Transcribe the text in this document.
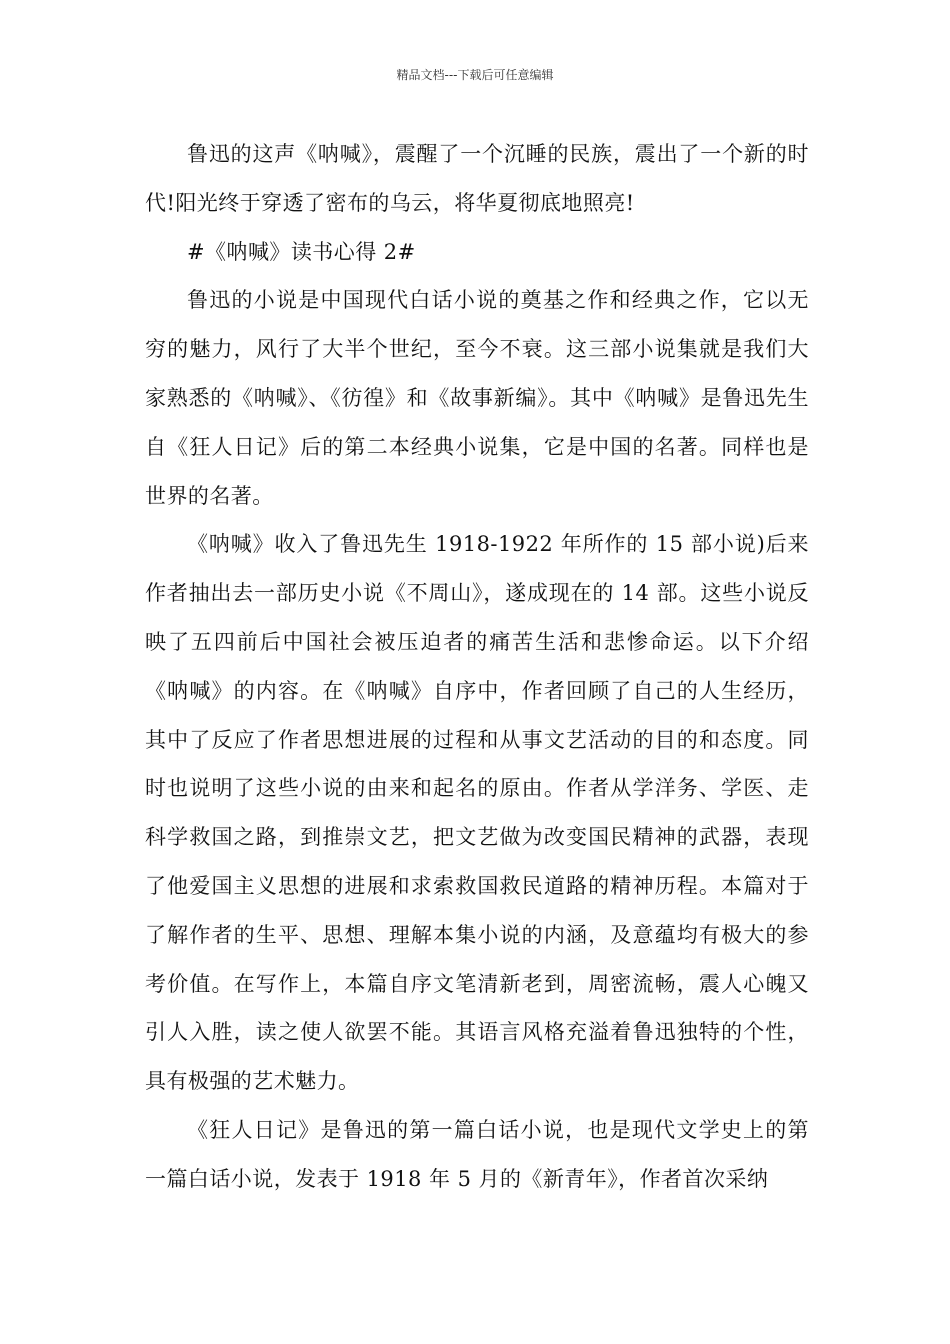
精品文档---下载后可任意编辑

鲁迅的这声《呐喊》，震醒了一个沉睡的民族，震出了一个新的时代!阳光终于穿透了密布的乌云，将华夏彻底地照亮!

#《呐喊》读书心得 2#

鲁迅的小说是中国现代白话小说的奠基之作和经典之作，它以无穷的魅力，风行了大半个世纪，至今不衰。这三部小说集就是我们大家熟悉的《呐喊》、《彷徨》和《故事新编》。其中《呐喊》是鲁迅先生自《狂人日记》后的第二本经典小说集，它是中国的名著。同样也是世界的名著。

《呐喊》收入了鲁迅先生 1918-1922 年所作的 15 部小说)后来作者抽出去一部历史小说《不周山》，遂成现在的 14 部。这些小说反映了五四前后中国社会被压迫者的痛苦生活和悲惨命运。以下介绍《呐喊》的内容。在《呐喊》自序中，作者回顾了自己的人生经历，其中了反应了作者思想进展的过程和从事文艺活动的目的和态度。同时也说明了这些小说的由来和起名的原由。作者从学洋务、学医、走科学救国之路，到推崇文艺，把文艺做为改变国民精神的武器，表现了他爱国主义思想的进展和求索救国救民道路的精神历程。本篇对于了解作者的生平、思想、理解本集小说的内涵，及意蕴均有极大的参考价值。在写作上，本篇自序文笔清新老到，周密流畅，震人心魄又引人入胜，读之使人欲罢不能。其语言风格充溢着鲁迅独特的个性，具有极强的艺术魅力。

《狂人日记》是鲁迅的第一篇白话小说，也是现代文学史上的第一篇白话小说，发表于 1918 年 5 月的《新青年》，作者首次采纳
